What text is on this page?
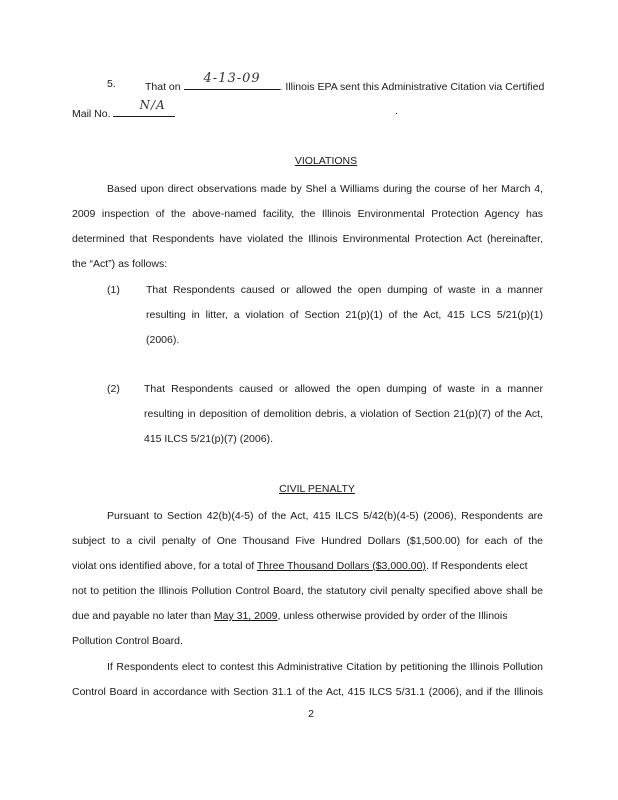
5.	That on
4-13-09
. Illinois EPA sent this Administrative Citation via Certified
Mail No.
N/A	.
VIOLATIONS
Based upon direct observations made by Shel a Williams during the course of her March 4,
2009 inspection of the above-named facility, the Illinois Environmental Protection Agency has
determined that Respondents have violated the Illinois Environmental Protection Act (hereinafter,
the “Act”) as follows:
(1) That Respondents caused or allowed the open dumping of waste in a manner
resulting in litter, a violation of Section 21(p)(1) of the Act, 415 LCS 5/21(p)(1)
(2006).
(2) That Respondents caused or allowed the open dumping of waste in a manner
resulting in deposition of demolition debris, a violation of Section 21(p)(7) of the Act,
415 ILCS 5/21(p)(7) (2006).
CIVIL PENALTY
Pursuant to Section 42(b)(4-5) of the Act, 415 ILCS 5/42(b)(4-5) (2006), Respondents are
subject to a civil penalty of One Thousand Five Hundred Dollars ($1,500.00) for each of the
violat ons identified above, for a total of Three Thousand Dollars ($3,000.00). If Respondents elect
not to petition the Illinois Pollution Control Board, the statutory civil penalty specified above shall be
due and payable no later than May 31, 2009, unless otherwise provided by order of the Illinois
Pollution Control Board.
If Respondents elect to contest this Administrative Citation by petitioning the Illinois Pollution
Control Board in accordance with Section 31.1 of the Act, 415 ILCS 5/31.1 (2006), and if the Illinois
2
